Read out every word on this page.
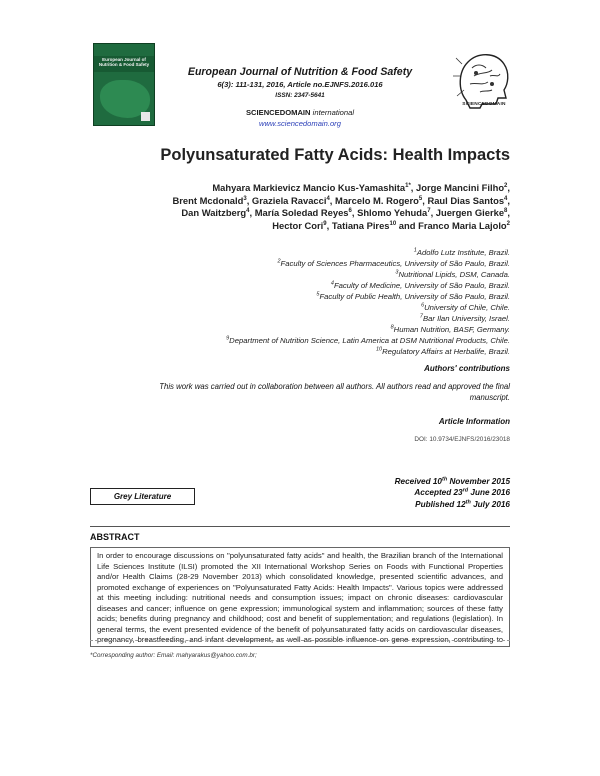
European Journal of Nutrition & Food Safety
European Journal of Nutrition & Food Safety
6(3): 111-131, 2016, Article no.EJNFS.2016.016
ISSN: 2347-5641
SCIENCEDOMAIN international
www.sciencedomain.org
SCIENCEDOMAIN
Polyunsaturated Fatty Acids: Health Impacts
Mahyara Markievicz Mancio Kus-Yamashita$^{1*}$, Jorge Mancini Filho$^2$,
Brent Mcdonald$^3$, Graziela Ravacci$^4$, Marcelo M. Rogero$^5$, Raul Dias Santos$^4$,
Dan Waitzberg$^4$, María Soledad Reyes$^6$, Shlomo Yehuda$^7$, Juergen Gierke$^8$,
Hector Cori$^9$, Tatiana Pires$^{10}$ and Franco Maria Lajolo$^2$
$^1$Adolfo Lutz Institute, Brazil.
$^2$Faculty of Sciences Pharmaceutics, University of São Paulo, Brazil.
$^3$Nutritional Lipids, DSM, Canada.
$^4$Faculty of Medicine, University of São Paulo, Brazil.
$^5$Faculty of Public Health, University of São Paulo, Brazil.
$^6$University of Chile, Chile.
$^7$Bar Ilan University, Israel.
$^8$Human Nutrition, BASF, Germany.
$^9$Department of Nutrition Science, Latin America at DSM Nutritional Products, Chile.
$^{10}$Regulatory Affairs at Herbalife, Brazil.
Authors' contributions
This work was carried out in collaboration between all authors. All authors read and approved the final
manuscript.
Article Information
DOI: 10.9734/EJNFS/2016/23018
Received 10th November 2015
Accepted 23rd June 2016
Published 12th July 2016
Grey Literature
ABSTRACT
In order to encourage discussions on "polyunsaturated fatty acids" and health, the Brazilian branch of the International Life Sciences Institute (ILSI) promoted the XII International Workshop Series on Foods with Functional Properties and/or Health Claims (28-29 November 2013) which consolidated knowledge, presented scientific advances, and promoted exchange of experiences on "Polyunsaturated Fatty Acids: Health Impacts". Various topics were addressed at this meeting including: nutritional needs and consumption issues; impact on chronic diseases: cardiovascular diseases and cancer; influence on gene expression; immunological system and inflammation; sources of these fatty acids; benefits during pregnancy and childhood; cost and benefit of supplementation; and regulations (legislation). In general terms, the event presented evidence of the benefit of polyunsaturated fatty acids on cardiovascular diseases, pregnancy, breastfeeding, and infant development, as well as possible influence on gene expression, contributing to
*Corresponding author: Email: mahyarakus@yahoo.com.br;
